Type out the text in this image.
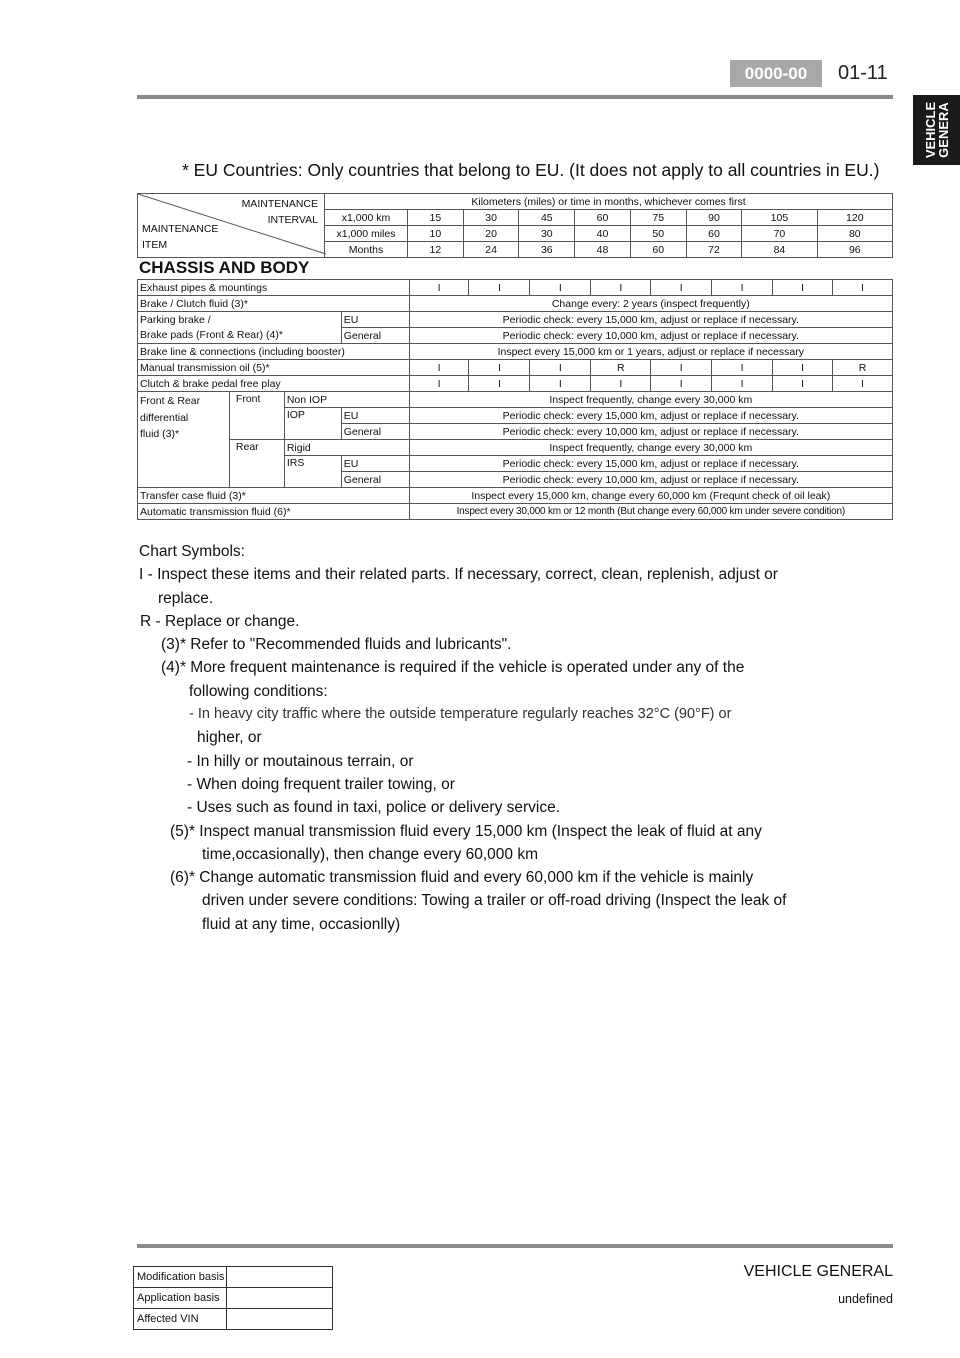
0000-00	01-11
VEHICLE
GENERA
* EU Countries: Only countries that belong to EU. (It does not apply to all countries in EU.)
MAINTENANCE
INTERVAL
MAINTENANCE
ITEM	Kilometers (miles) or time in months, whichever comes first								
	x1,000 km	15	30	45	60	75	90	105	120
	x1,000 miles	10	20	30	40	50	60	70	80
	Months	12	24	36	48	60	72	84	96
CHASSIS AND BODY
Exhaust pipes & mountings				I	I	I	I	I	I	I	I
Brake / Clutch fluid (3)*				Change every: 2 years (inspect frequently)							
Parking brake /			EU	Periodic check: every 15,000 km, adjust or replace if necessary.							
Brake pads (Front & Rear) (4)*			General	Periodic check: every 10,000 km, adjust or replace if necessary.							
Brake line & connections (including booster)				Inspect every 15,000 km or 1 years, adjust or replace if necessary							
Manual transmission oil (5)*				I	I	I	R	I	I	I	R
Clutch & brake pedal free play				I	I	I	I	I	I	I	I

Front & Rear
differential
fluid (3)*	Front	Non IOP		Inspect frequently, change every 30,000 km							
		IOP	EU	Periodic check: every 15,000 km, adjust or replace if necessary.							
			General	Periodic check: every 10,000 km, adjust or replace if necessary.							
	Rear	Rigid		Inspect frequently, change every 30,000 km							
		IRS	EU	Periodic check: every 15,000 km, adjust or replace if necessary.							
			General	Periodic check: every 10,000 km, adjust or replace if necessary.							
Transfer case fluid (3)*				Inspect every 15,000 km, change every 60,000 km (Frequnt check of oil leak)							
Automatic transmission fluid (6)*				Inspect every 30,000 km or 12 month (But change every 60,000 km under severe condition)							
Chart Symbols:
I - Inspect these items and their related parts. If necessary, correct, clean, replenish, adjust or
replace.
R - Replace or change.
(3)* Refer to "Recommended fluids and lubricants".
(4)* More frequent maintenance is required if the vehicle is operated under any of the
following conditions:
- In heavy city traffic where the outside temperature regularly reaches 32°C (90°F) or
higher, or
- In hilly or moutainous terrain, or
- When doing frequent trailer towing, or
- Uses such as found in taxi, police or delivery service.
(5)* Inspect manual transmission fluid every 15,000 km (Inspect the leak of fluid at any
time,occasionally), then change every 60,000 km
(6)* Change automatic transmission fluid and every 60,000 km if the vehicle is mainly
driven under severe conditions: Towing a trailer or off-road driving (Inspect the leak of
fluid at any time, occasionlly)
Modification basis	
Application basis	
Affected VIN	
VEHICLE GENERAL
undefined
